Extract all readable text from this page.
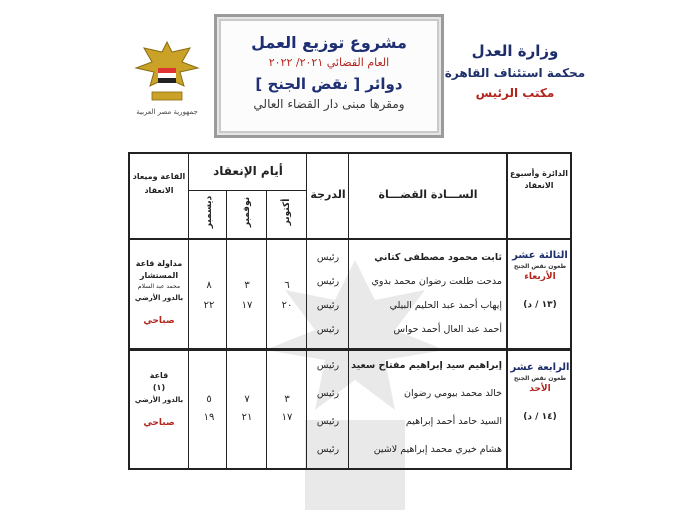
جمهورية مصر العربية
وزارة العدل
محكمة استئناف القاهرة
مكتب الرئيس
مشروع توزيع العمل
العام القضائي ٢٠٢١/ ٢٠٢٢
دوائر [ نقض الجنح ]
ومقرها مبنى دار القضاء العالي
الدائرة وأسبوع الانعقاد
الســـادة القضـــاة
الدرجة
أيام الإنعقاد
القاعة وميعاد الانعقاد
أكتوبر
نوفمبر
ديسمبر
الثالثة عشر
طعون نقض الجنح
الأربعاء
(١٣ / د)
ثابت محمود مصطفى كتاني
مدحت طلعت رضوان محمد بدوي
إيهاب أحمد عبد الحليم البيلي
أحمد عبد العال أحمد حواس
رئيس
رئيس
رئيس
رئيس
٦
٢٠
٣
١٧
٨
٢٢
مداولة قاعة المستشار
محمد عبد السلام
بالدور الأرضي
صباحي
الرابعة عشر
طعون نقض الجنح
الأحد
(١٤ / د)
إبراهيم سيد إبراهيم مفتاح سعيد
خالد محمد بيومي رضوان
السيد حامد أحمد إبراهيم
هشام خيري محمد إبراهيم لاشين
رئيس
رئيس
رئيس
رئيس
٣
١٧
٧
٢١
٥
١٩
قاعة
(١)
بالدور الأرضي
صباحي
